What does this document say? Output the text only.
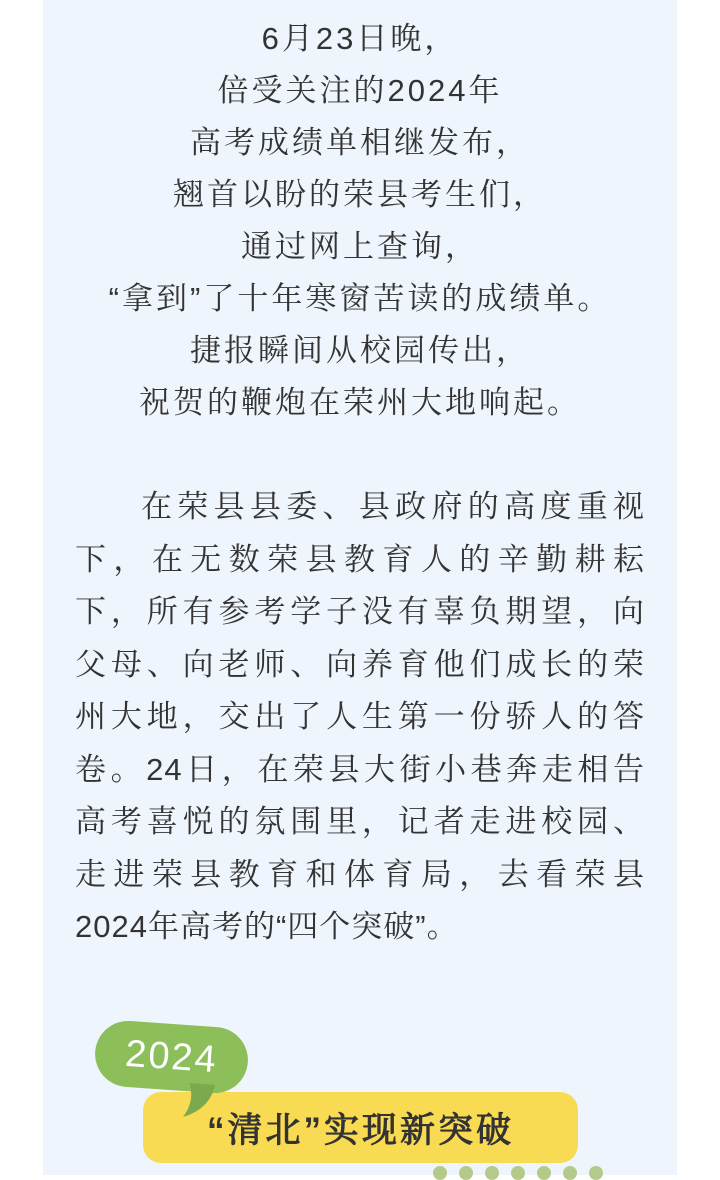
6月23日晚，
倍受关注的2024年
高考成绩单相继发布，
翘首以盼的荣县考生们，
通过网上查询，
“拿到”了十年寒窗苦读的成绩单。
捷报瞬间从校园传出，
祝贺的鞭炮在荣州大地响起。
在荣县县委、县政府的高度重视
下，在无数荣县教育人的辛勤耕耘
下，所有参考学子没有辜负期望，向
父母、向老师、向养育他们成长的荣
州大地，交出了人生第一份骄人的答
卷。24日，在荣县大街小巷奔走相告
高考喜悦的氛围里，记者走进校园、
走进荣县教育和体育局，去看荣县
2024年高考的“四个突破”。
“清北”实现新突破
2024
